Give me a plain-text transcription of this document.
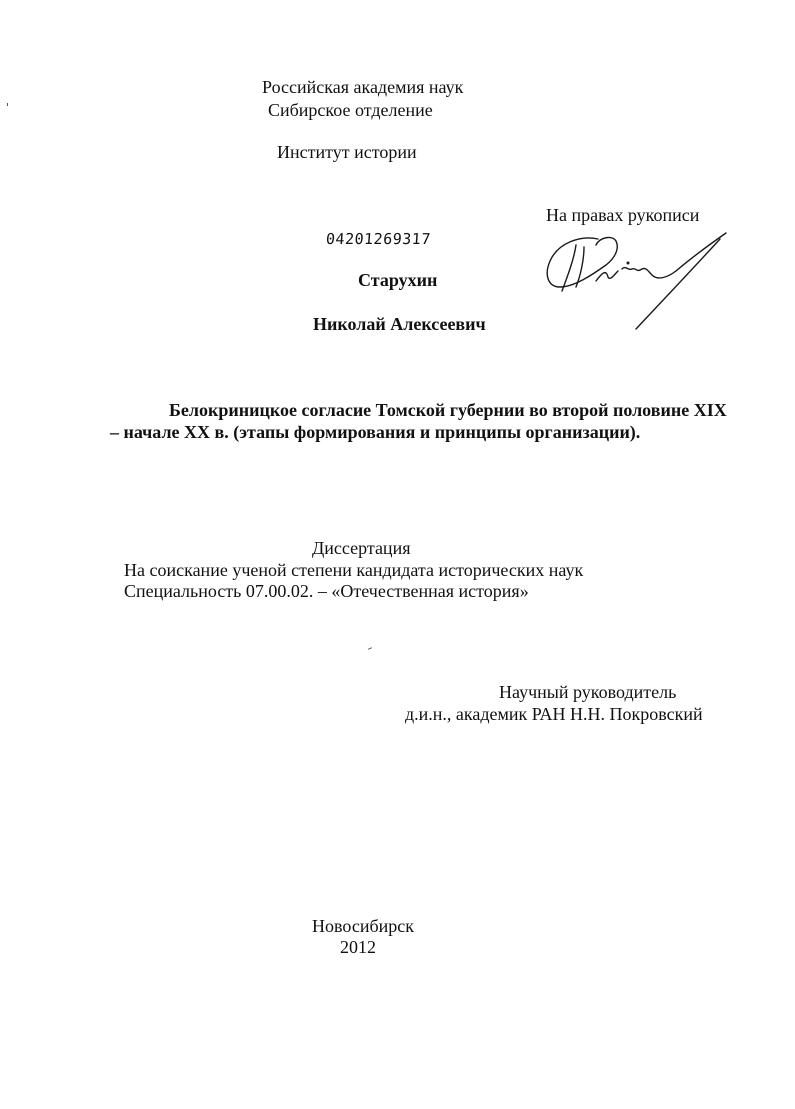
Российская академия наук
Сибирское отделение
Институт истории
На правах рукописи
04201269317
Старухин
Николай Алексеевич
Белокриницкое согласие Томской губернии во второй половине XIX
– начале XX в. (этапы формирования и принципы организации).
Диссертация
На соискание ученой степени кандидата исторических наук
Специальность 07.00.02. – «Отечественная история»
Научный руководитель
д.и.н., академик РАН Н.Н. Покровский
Новосибирск
2012
